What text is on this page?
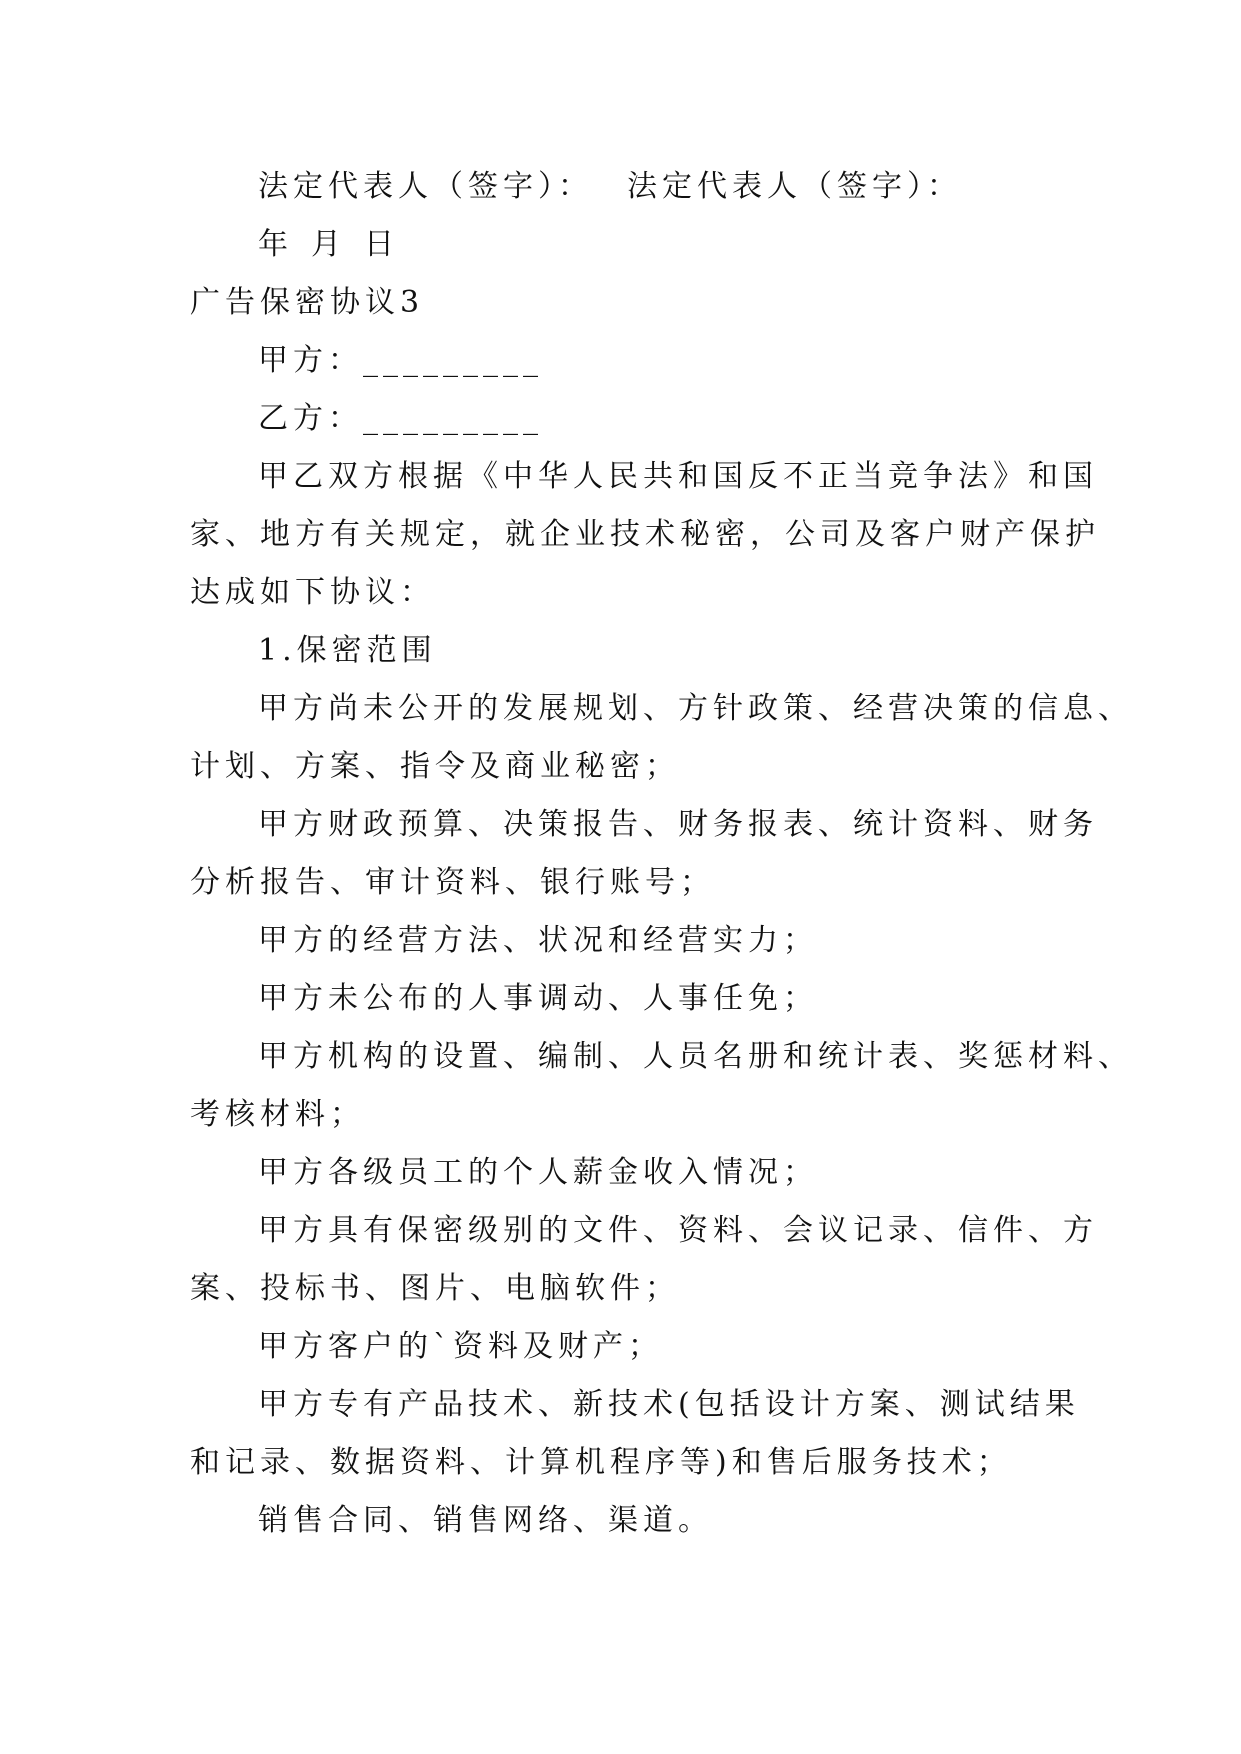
法定代表人（签字）： 法定代表人（签字）：
年 月 日
广告保密协议3
甲方：_________
乙方：_________
甲乙双方根据《中华人民共和国反不正当竞争法》和国
家、地方有关规定，就企业技术秘密，公司及客户财产保护
达成如下协议：
1.保密范围
甲方尚未公开的发展规划、方针政策、经营决策的信息、
计划、方案、指令及商业秘密；
甲方财政预算、决策报告、财务报表、统计资料、财务
分析报告、审计资料、银行账号；
甲方的经营方法、状况和经营实力；
甲方未公布的人事调动、人事任免；
甲方机构的设置、编制、人员名册和统计表、奖惩材料、
考核材料；
甲方各级员工的个人薪金收入情况；
甲方具有保密级别的文件、资料、会议记录、信件、方
案、投标书、图片、电脑软件；
甲方客户的`资料及财产；
甲方专有产品技术、新技术(包括设计方案、测试结果
和记录、数据资料、计算机程序等)和售后服务技术；
销售合同、销售网络、渠道。
